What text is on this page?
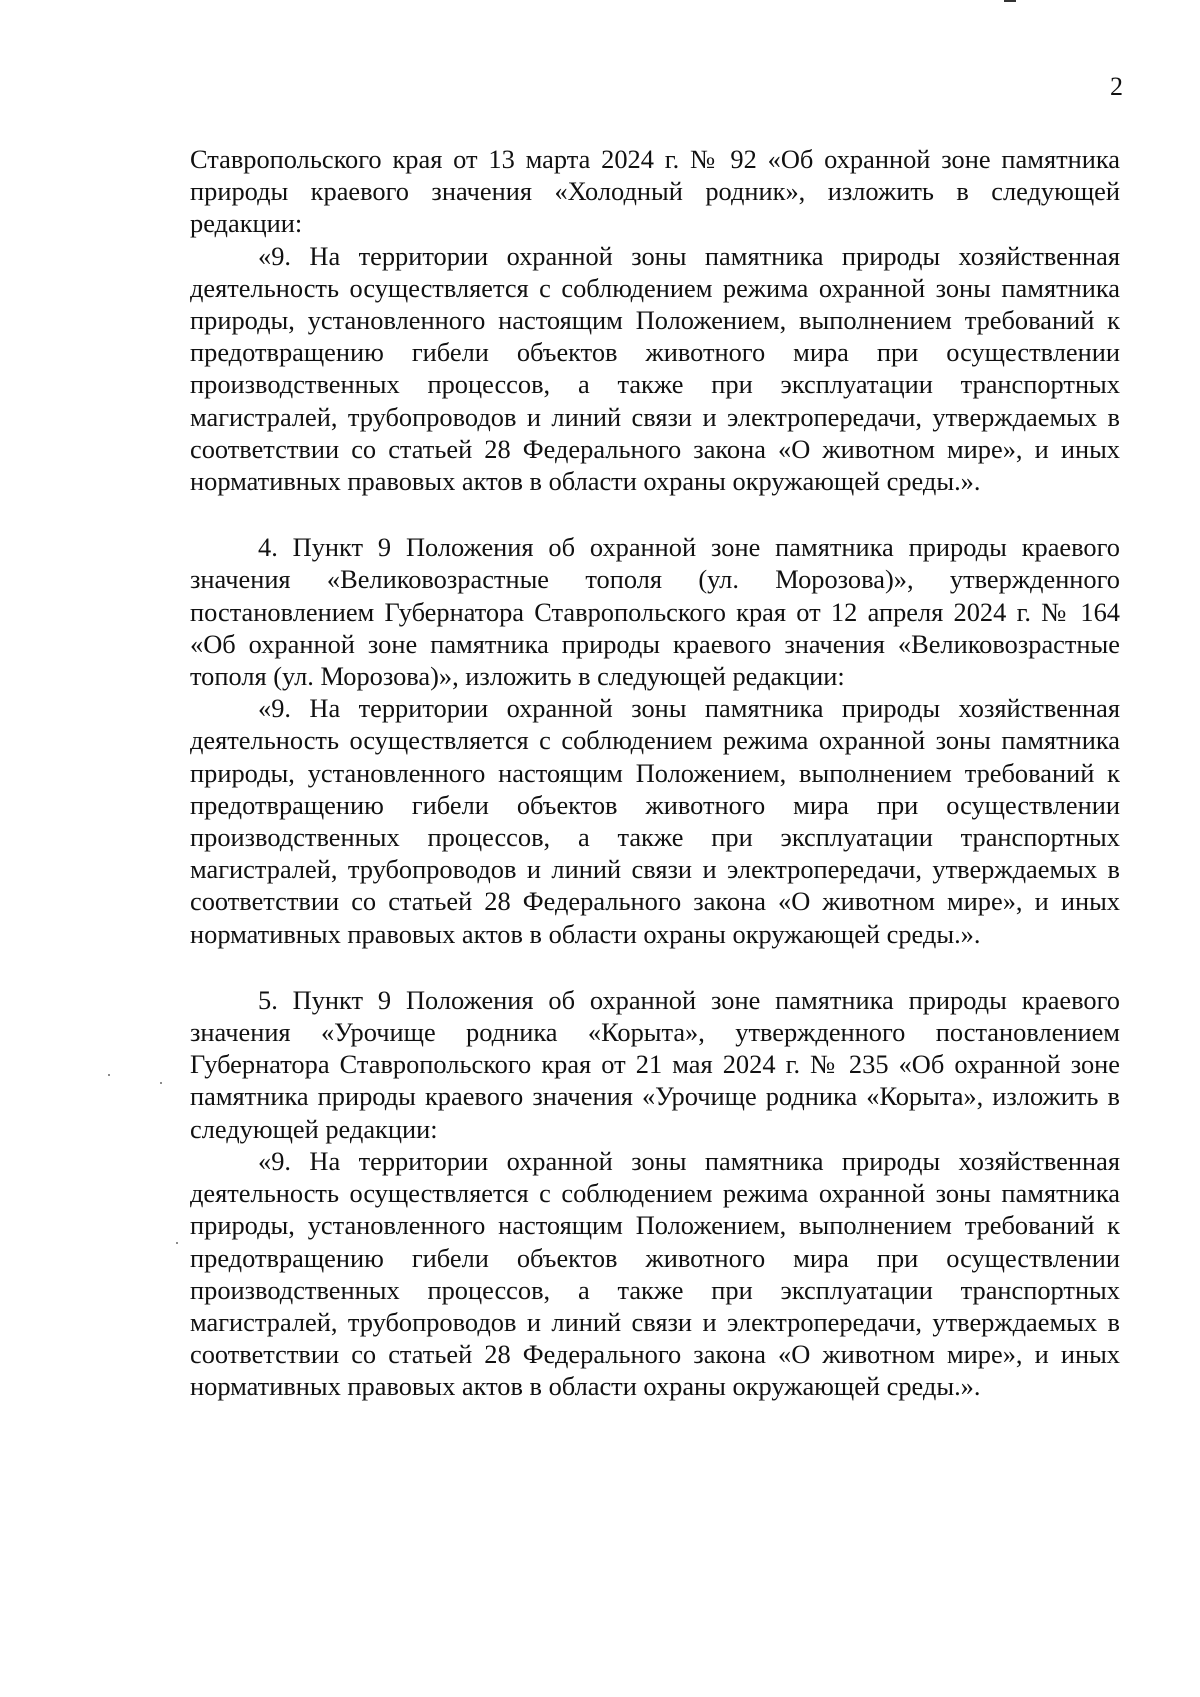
2

Ставропольского края от 13 марта 2024 г. № 92 «Об охранной зоне памятника природы краевого значения «Холодный родник», изложить в следующей редакции:

«9. На территории охранной зоны памятника природы хозяйственная деятельность осуществляется с соблюдением режима охранной зоны памятника природы, установленного настоящим Положением, выполнением требований к предотвращению гибели объектов животного мира при осуществлении производственных процессов, а также при эксплуатации транспортных магистралей, трубопроводов и линий связи и электропередачи, утверждаемых в соответствии со статьей 28 Федерального закона «О животном мире», и иных нормативных правовых актов в области охраны окружающей среды.».

4. Пункт 9 Положения об охранной зоне памятника природы краевого значения «Великовозрастные тополя (ул. Морозова)», утвержденного постановлением Губернатора Ставропольского края от 12 апреля 2024 г. № 164 «Об охранной зоне памятника природы краевого значения «Великовозрастные тополя (ул. Морозова)», изложить в следующей редакции:

«9. На территории охранной зоны памятника природы хозяйственная деятельность осуществляется с соблюдением режима охранной зоны памятника природы, установленного настоящим Положением, выполнением требований к предотвращению гибели объектов животного мира при осуществлении производственных процессов, а также при эксплуатации транспортных магистралей, трубопроводов и линий связи и электропередачи, утверждаемых в соответствии со статьей 28 Федерального закона «О животном мире», и иных нормативных правовых актов в области охраны окружающей среды.».

5. Пункт 9 Положения об охранной зоне памятника природы краевого значения «Урочище родника «Корыта», утвержденного постановлением Губернатора Ставропольского края от 21 мая 2024 г. № 235 «Об охранной зоне памятника природы краевого значения «Урочище родника «Корыта», изложить в следующей редакции:

«9. На территории охранной зоны памятника природы хозяйственная деятельность осуществляется с соблюдением режима охранной зоны памятника природы, установленного настоящим Положением, выполнением требований к предотвращению гибели объектов животного мира при осуществлении производственных процессов, а также при эксплуатации транспортных магистралей, трубопроводов и линий связи и электропередачи, утверждаемых в соответствии со статьей 28 Федерального закона «О животном мире», и иных нормативных правовых актов в области охраны окружающей среды.».
